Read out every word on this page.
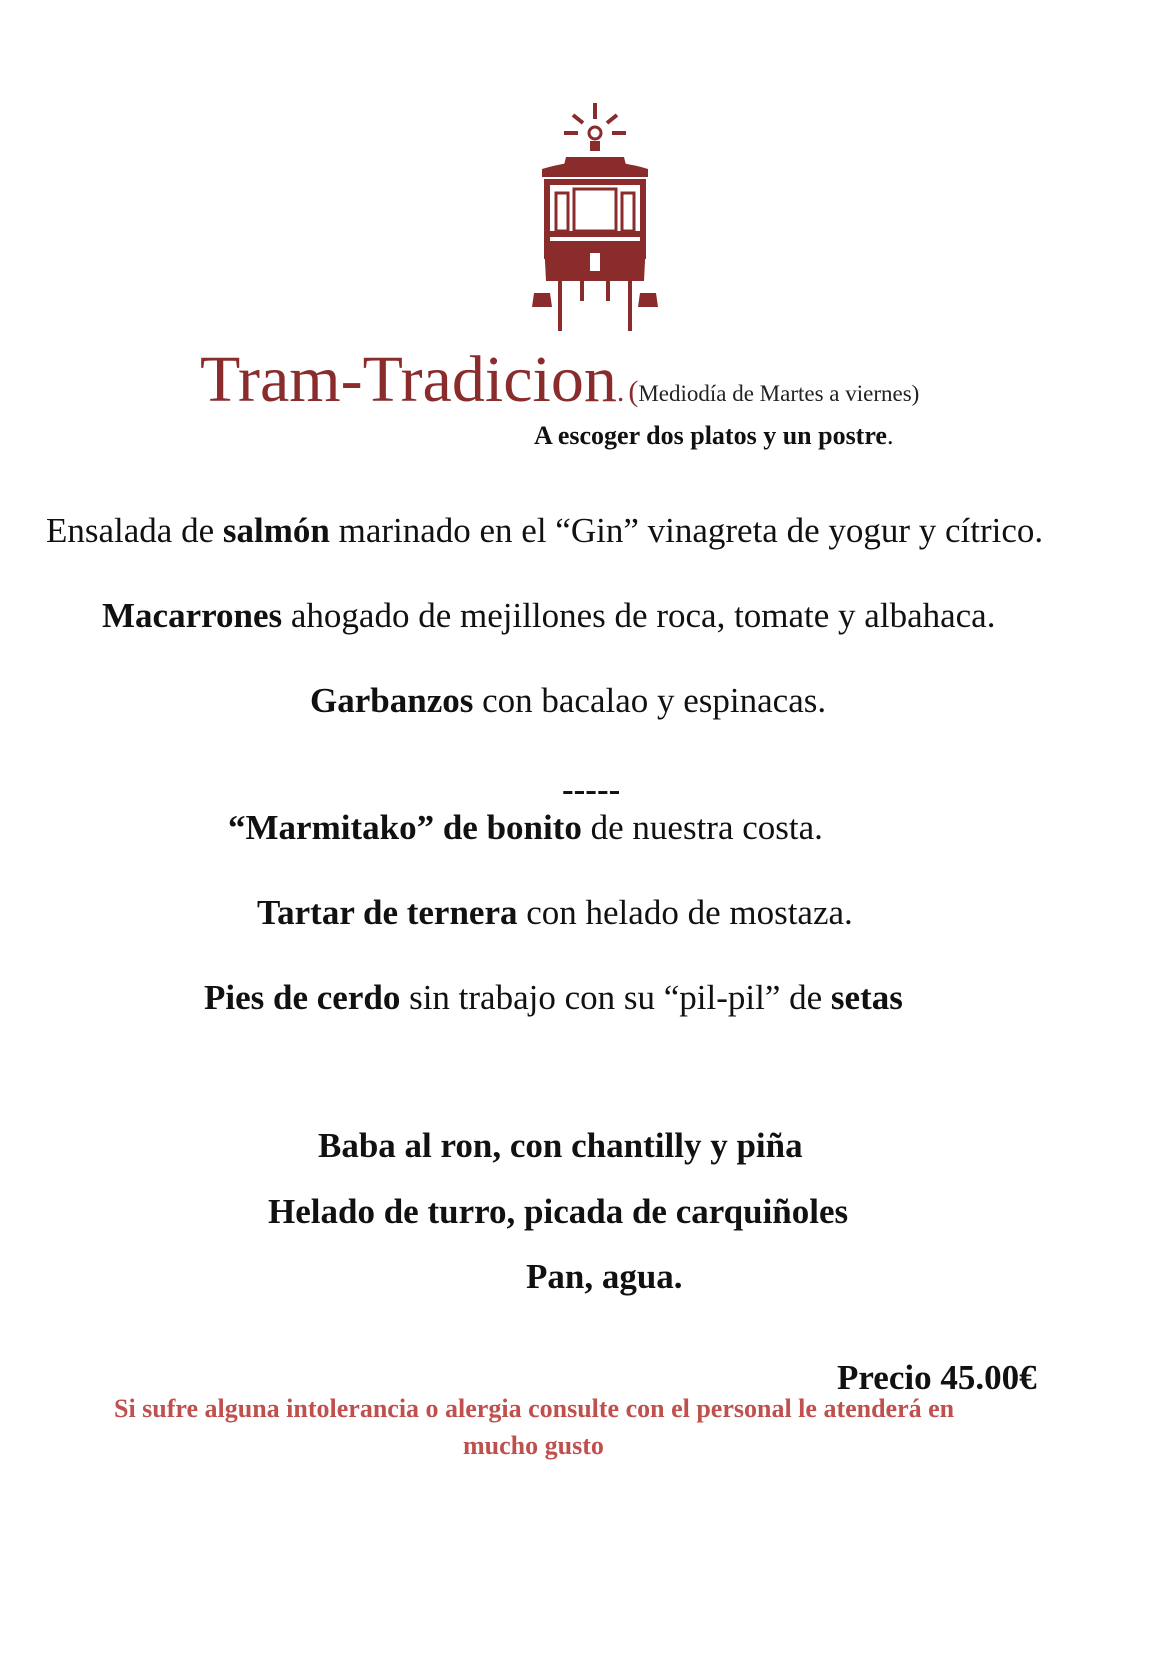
Tram-Tradicion. (Mediodía de Martes a viernes)
A escoger dos platos y un postre.
Ensalada de salmón marinado en el “Gin” vinagreta de yogur y cítrico.
Macarrones ahogado de mejillones de roca, tomate y albahaca.
Garbanzos con bacalao y espinacas.
-----
“Marmitako” de bonito de nuestra costa.
Tartar de ternera con helado de mostaza.
Pies de cerdo sin trabajo con su “pil-pil” de setas
Baba al ron, con chantilly y piña
Helado de turro, picada de carquiñoles
Pan, agua.
Precio 45.00€
Si sufre alguna intolerancia o alergia consulte con el personal le atenderá en
mucho gusto
